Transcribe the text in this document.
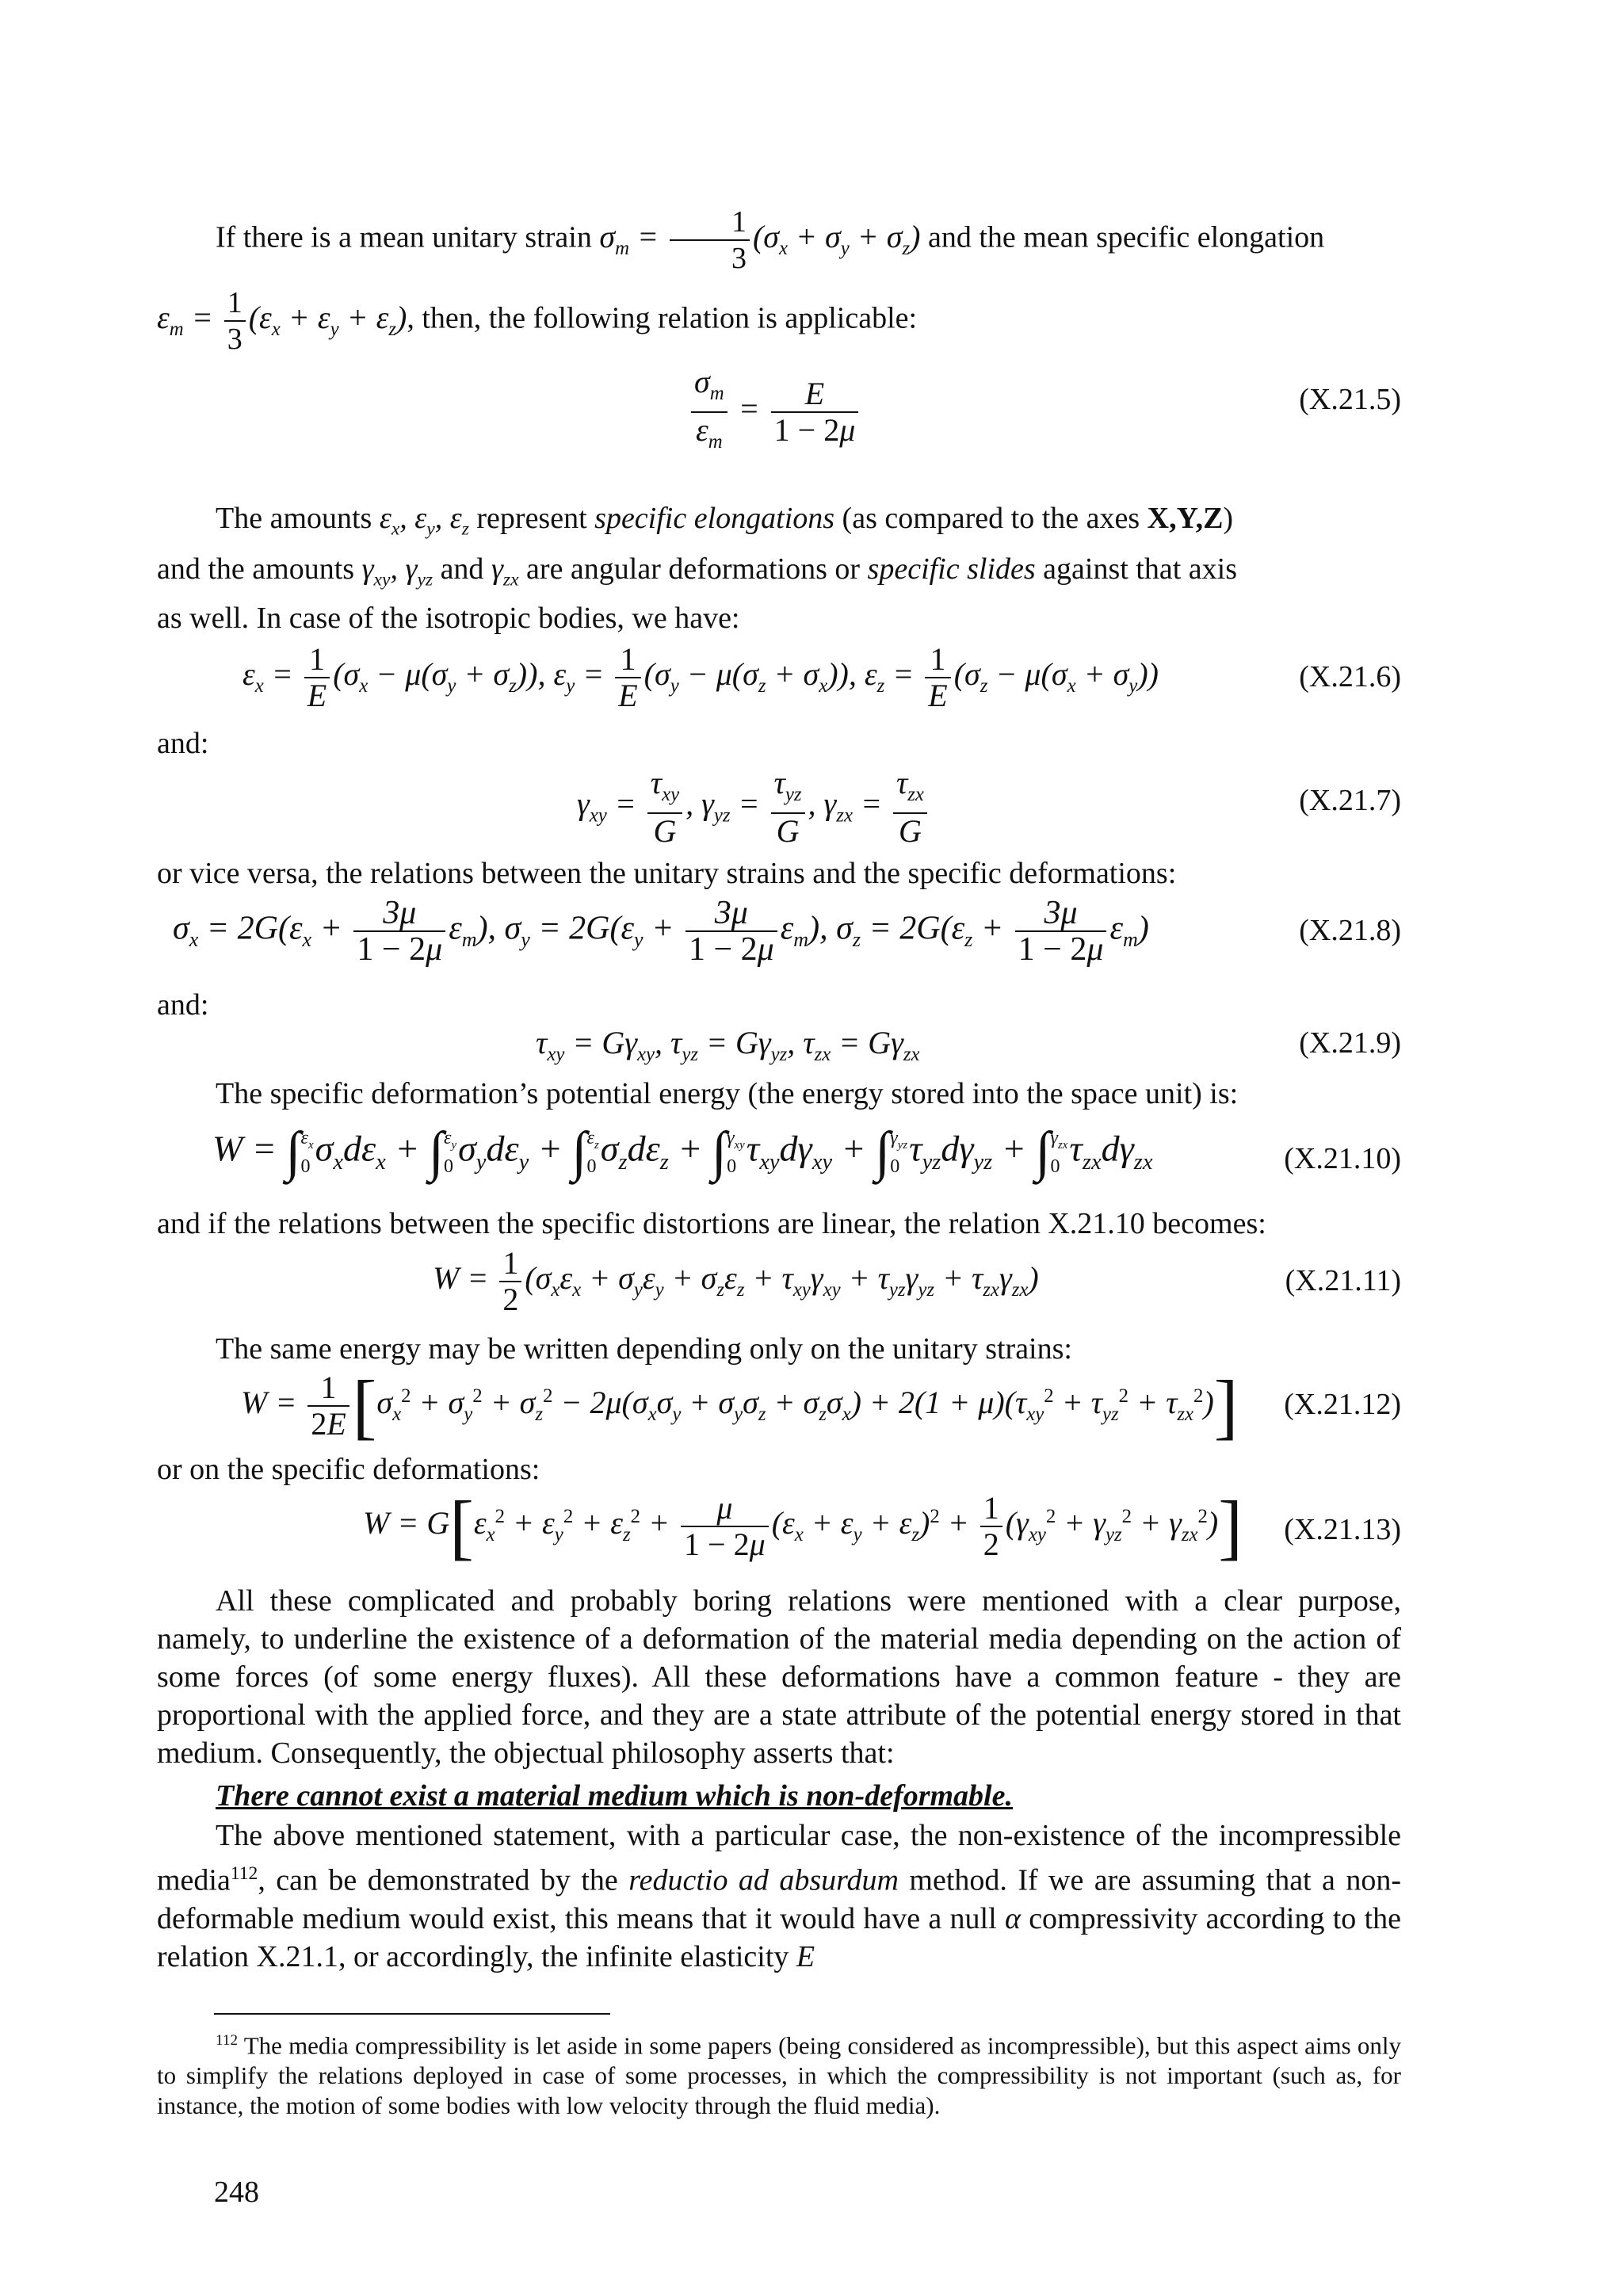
If there is a mean unitary strain $\sigma_m = \frac{1}{3} (\sigma_x + \sigma_y + \sigma_z)$ and the mean specific elongation
$\varepsilon_m = \frac{1}{3} (\varepsilon_x + \varepsilon_y + \varepsilon_z)$, then, the following relation is applicable:
$\frac{\sigma_m}{\varepsilon_m} = \frac{E}{1 - 2\mu}$	(X.21.5)
The amounts $\varepsilon_x$, $\varepsilon_y$, $\varepsilon_z$ represent specific elongations (as compared to the axes X,Y,Z)
and the amounts $\gamma_{xy}$, $\gamma_{yz}$ and $\gamma_{zx}$ are angular deformations or specific slides against that axis
as well. In case of the isotropic bodies, we have:
$\varepsilon_x = \frac{1}{E} (\sigma_x - \mu(\sigma_y + \sigma_z))$, $\varepsilon_y = \frac{1}{E} (\sigma_y - \mu(\sigma_z + \sigma_x))$, $\varepsilon_z = \frac{1}{E} (\sigma_z - \mu(\sigma_x + \sigma_y))$	(X.21.6)
and:
$\gamma_{xy} = \frac{\tau_{xy}}{G}$ , $\gamma_{yz} = \frac{\tau_{yz}}{G}$ , $\gamma_{zx} = \frac{\tau_{zx}}{G}$	(X.21.7)
or vice versa, the relations between the unitary strains and the specific deformations:
$\sigma_x = 2G(\varepsilon_x + \frac{3\mu}{1 - 2\mu} \varepsilon_m)$, $\sigma_y = 2G(\varepsilon_y + \frac{3\mu}{1 - 2\mu} \varepsilon_m)$, $\sigma_z = 2G(\varepsilon_z + \frac{3\mu}{1 - 2\mu} \varepsilon_m)$	(X.21.8)
and:
$\tau_{xy} = G\gamma_{xy}$, $\tau_{yz} = G\gamma_{yz}$, $\tau_{zx} = G\gamma_{zx}$	(X.21.9)
The specific deformation’s potential energy (the energy stored into the space unit) is:
W = ∫ $\varepsilon_x$
0 $\sigma_xd\varepsilon_x$ + ∫ $\varepsilon_y$
0 $\sigma_yd\varepsilon_y$ + ∫ $\varepsilon_z$
0 $\sigma_zd\varepsilon_z$ + ∫ $\gamma_{xy}$
0 $\tau_{xy}d\gamma_{xy}$ + ∫ $\gamma_{yz}$
0 $\tau_{yz}d\gamma_{yz}$ + ∫ $\gamma_{zx}$
0 $\tau_{zx}d\gamma_{zx}$	(X.21.10)
and if the relations between the specific distortions are linear, the relation X.21.10 becomes:
$W = \frac{1}{2} (\sigma_x\varepsilon_x + \sigma_y\varepsilon_y + \sigma_z\varepsilon_z + \tau_{xy}\gamma_{xy} + \tau_{yz}\gamma_{yz} + \tau_{zx}\gamma_{zx})$	(X.21.11)
The same energy may be written depending only on the unitary strains:
$W = \frac{1}{2E} [\sigma_x^2 + \sigma_y^2 + \sigma_z^2 - 2\mu(\sigma_x\sigma_y + \sigma_y\sigma_z + \sigma_z\sigma_x) + 2(1 + \mu)(\tau_{xy}^2 + \tau_{yz}^2 + \tau_{zx}^2)]$ (X.21.12)
or on the specific deformations:
$W = G[\varepsilon_x^2 + \varepsilon_y^2 + \varepsilon_z^2 + \frac{\mu}{1 - 2\mu} (\varepsilon_x + \varepsilon_y + \varepsilon_z)^2 + \frac{1}{2} (\gamma_{xy}^2 + \gamma_{yz}^2 + \gamma_{zx}^2)]$ (X.21.13)

All these complicated and probably boring relations were mentioned with a clear purpose, namely, to underline the existence of a deformation of the material media depending on the action of some forces (of some energy fluxes). All these deformations have a common feature - they are proportional with the applied force, and they are a state attribute of the potential energy stored in that medium. Consequently, the objectual philosophy asserts that:

There cannot exist a material medium which is non-deformable.

The above mentioned statement, with a particular case, the non-existence of the incompressible media$^{112}$, can be demonstrated by the reductio ad absurdum method. If we are assuming that a non-deformable medium would exist, this means that it would have a null α compressivity according to the relation X.21.1, or accordingly, the infinite elasticity E

$^{112}$ The media compressibility is let aside in some papers (being considered as incompressible), but this aspect aims only to simplify the relations deployed in case of some processes, in which the compressibility is not important (such as, for instance, the motion of some bodies with low velocity through the fluid media).

248
